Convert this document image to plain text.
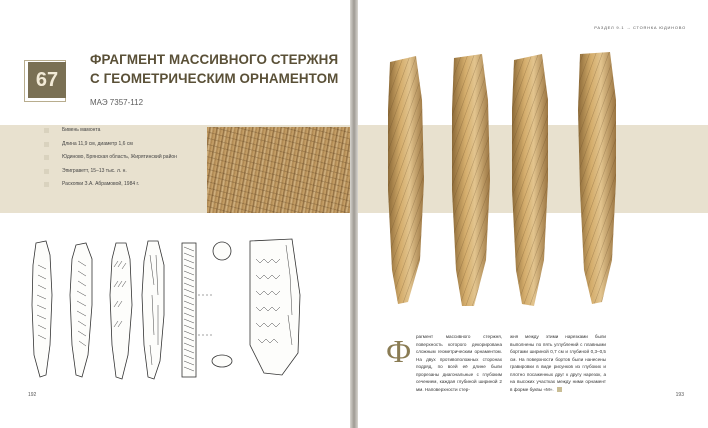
67
ФРАГМЕНТ МАССИВНОГО СТЕРЖНЯ
С ГЕОМЕТРИЧЕСКИМ ОРНАМЕНТОМ
МАЭ 7357-112
Бивень мамонта
Длина 11,9 см, диаметр 1,6 см
Юдиново, Брянская область, Жирятинский район
Эпиграветт, 15–13 тыс. л. н.
Раскопки З.А. Абрамовой, 1984 г.
192
РАЗДЕЛ 9.1 → СТОЯНКА ЮДИНОВО
Ф рагмент массивного стержня, поверхность которого декорирована сложным геометрическим орнаментом. На двух противоположных сторонах подряд, по всей её длине были прорезаны диагональные с глубоким сечением, каждая глубиной шириной 2 мм. Наповерхности стер-
жня между этими нарезками были выполнены по пять углублений с плавными бортами шириной 0,7 см и глубиной 0,3–0,5 см. На поверхности бортов были нанесены гравировки в виде рисунков из глубоких и плотно посаженных друг к другу нарезок, а на высоких участках между ними орнамент в форме буквы «М».
193
